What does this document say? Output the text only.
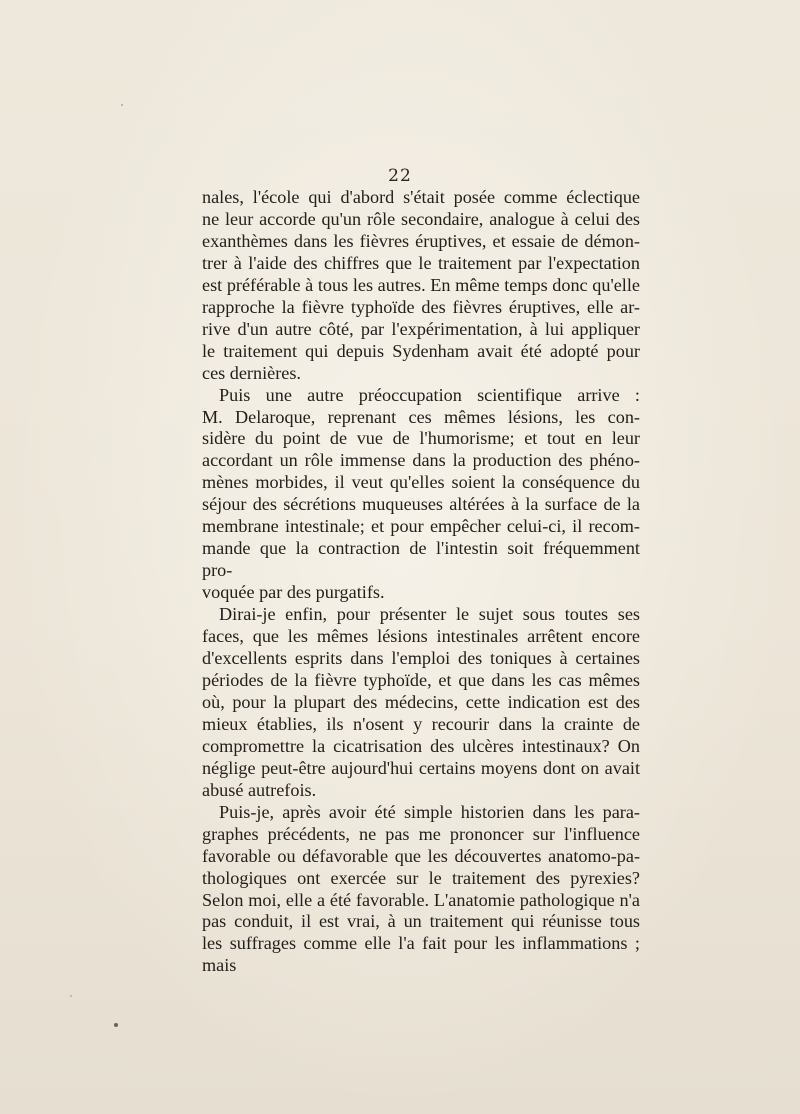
22
nales, l'école qui d'abord s'était posée comme éclectique
ne leur accorde qu'un rôle secondaire, analogue à celui des
exanthèmes dans les fièvres éruptives, et essaie de démon-
trer à l'aide des chiffres que le traitement par l'expectation
est préférable à tous les autres. En même temps donc qu'elle
rapproche la fièvre typhoïde des fièvres éruptives, elle ar-
rive d'un autre côté, par l'expérimentation, à lui appliquer
le traitement qui depuis Sydenham avait été adopté pour
ces dernières.
Puis une autre préoccupation scientifique arrive :
M. Delaroque, reprenant ces mêmes lésions, les con-
sidère du point de vue de l'humorisme; et tout en leur
accordant un rôle immense dans la production des phéno-
mènes morbides, il veut qu'elles soient la conséquence du
séjour des sécrétions muqueuses altérées à la surface de la
membrane intestinale; et pour empêcher celui-ci, il recom-
mande que la contraction de l'intestin soit fréquemment pro-
voquée par des purgatifs.
Dirai-je enfin, pour présenter le sujet sous toutes ses
faces, que les mêmes lésions intestinales arrêtent encore
d'excellents esprits dans l'emploi des toniques à certaines
périodes de la fièvre typhoïde, et que dans les cas mêmes
où, pour la plupart des médecins, cette indication est des
mieux établies, ils n'osent y recourir dans la crainte de
compromettre la cicatrisation des ulcères intestinaux? On
néglige peut-être aujourd'hui certains moyens dont on avait
abusé autrefois.
Puis-je, après avoir été simple historien dans les para-
graphes précédents, ne pas me prononcer sur l'influence
favorable ou défavorable que les découvertes anatomo-pa-
thologiques ont exercée sur le traitement des pyrexies?
Selon moi, elle a été favorable. L'anatomie pathologique n'a
pas conduit, il est vrai, à un traitement qui réunisse tous
les suffrages comme elle l'a fait pour les inflammations ; mais
